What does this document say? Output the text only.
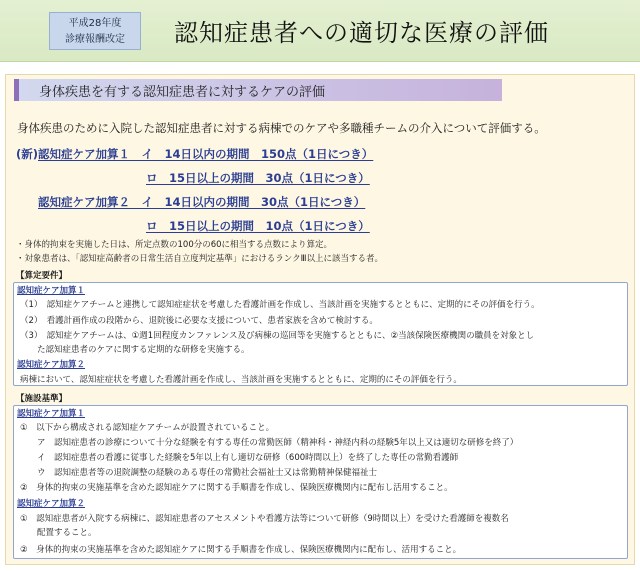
平成28年度
診療報酬改定	認知症患者への適切な医療の評価
身体疾患を有する認知症患者に対するケアの評価
身体疾患のために入院した認知症患者に対する病棟でのケアや多職種チームの介入について評価する。
(新) 認知症ケア加算１　イ　14日以内の期間　150点（1日につき）
ロ　15日以上の期間　30点（1日につき）
認知症ケア加算２　イ　14日以内の期間　30点（1日につき）
ロ　15日以上の期間　10点（1日につき）
・身体的拘束を実施した日は、所定点数の100分の60に相当する点数により算定。
・対象患者は、「認知症高齢者の日常生活自立度判定基準」におけるランクⅢ以上に該当する者。
【算定要件】
認知症ケア加算１
（1）　認知症ケアチームと連携して認知症症状を考慮した看護計画を作成し、当該計画を実施するとともに、定期的にその評価を行う。
（2）　看護計画作成の段階から、退院後に必要な支援について、患者家族を含めて検討する。
（3）　認知症ケアチームは、①週1回程度カンファレンス及び病棟の巡回等を実施するとともに、②当該保険医療機関の職員を対象とし
　　た認知症患者のケアに関する定期的な研修を実施する。
認知症ケア加算２
病棟において、認知症症状を考慮した看護計画を作成し、当該計画を実施するとともに、定期的にその評価を行う。
【施設基準】
認知症ケア加算１
①　以下から構成される認知症ケアチームが設置されていること。
　　ア　認知症患者の診療について十分な経験を有する専任の常勤医師（精神科・神経内科の経験5年以上又は適切な研修を終了）
　　イ　認知症患者の看護に従事した経験を5年以上有し適切な研修（600時間以上）を終了した専任の常勤看護師
　　ウ　認知症患者等の退院調整の経験のある専任の常勤社会福祉士又は常勤精神保健福祉士
②　身体的拘束の実施基準を含めた認知症ケアに関する手順書を作成し、保険医療機関内に配布し活用すること。
認知症ケア加算２
①　認知症患者が入院する病棟に、認知症患者のアセスメントや看護方法等について研修（9時間以上）を受けた看護師を複数名
　　配置すること。
②　身体的拘束の実施基準を含めた認知症ケアに関する手順書を作成し、保険医療機関内に配布し、活用すること。
